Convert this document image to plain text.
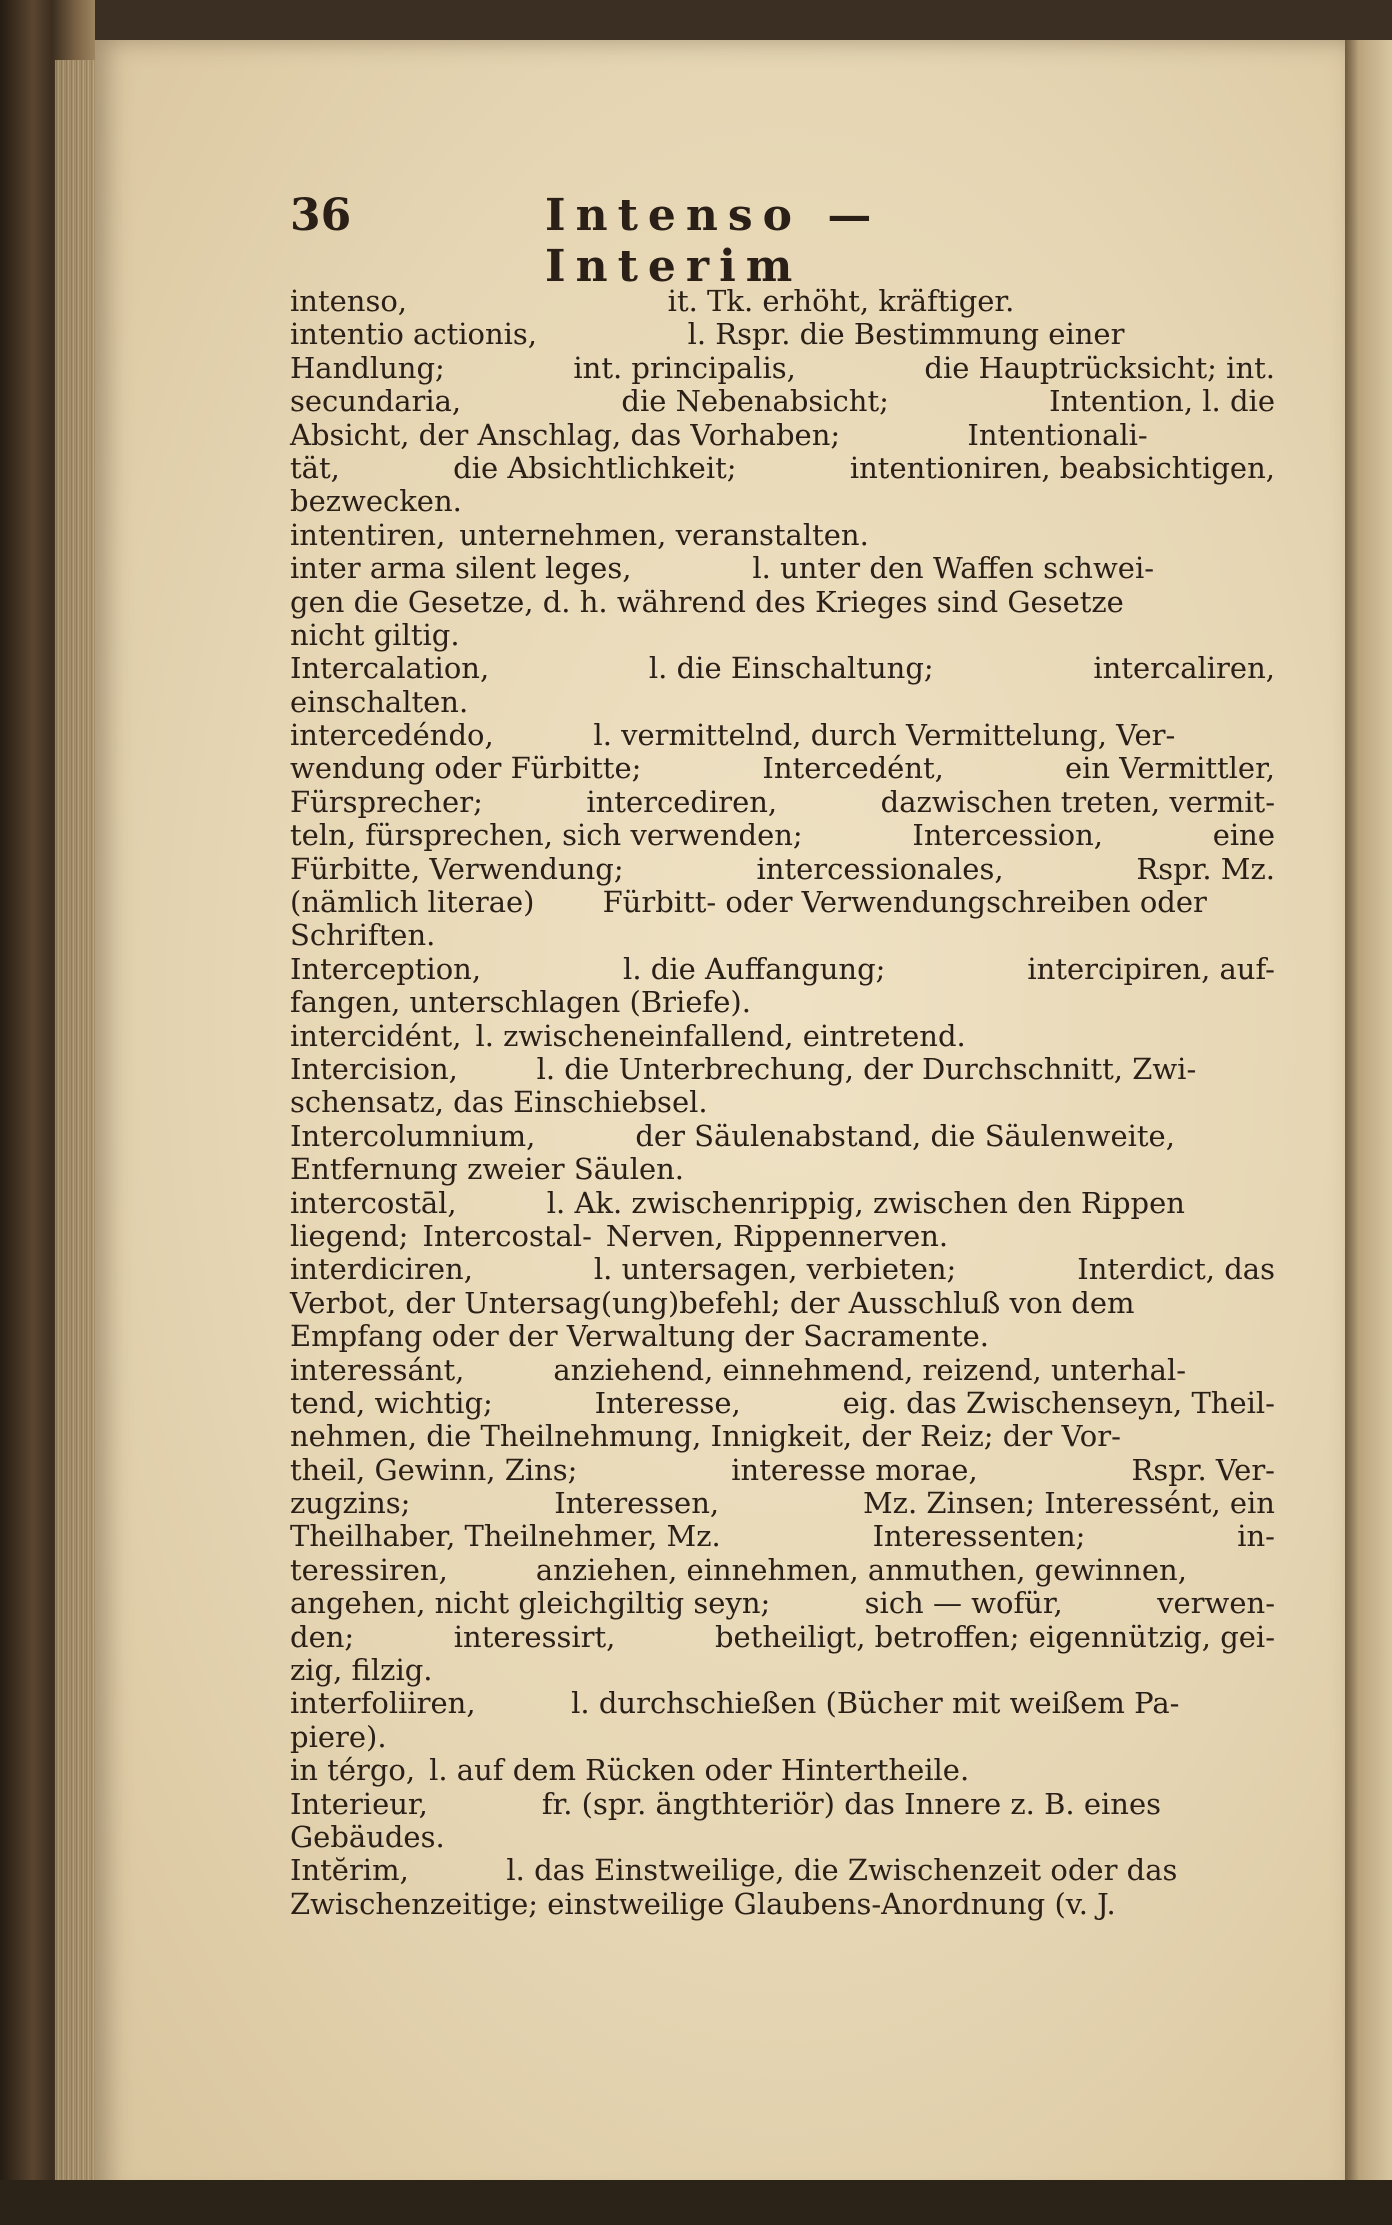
36	Intenso — Interim
intenso,	it. Tk. erhöht, kräftiger.
intentio actionis,	l. Rspr. die Bestimmung einer
Handlung;	int. principalis,	die Hauptrücksicht; int.
secundaria,	die Nebenabsicht;	Intention, l. die
Absicht, der Anschlag, das Vorhaben;	Intentionali-
tät,	die Absichtlichkeit;	intentioniren, beabsichtigen,
bezwecken.
intentiren, unternehmen, veranstalten.
inter arma silent leges,	l. unter den Waffen schwei-
gen die Gesetze, d. h. während des Krieges sind Gesetze
nicht giltig.
Intercalation,	l. die Einschaltung;	intercaliren,
einschalten.
intercedéndo,	l. vermittelnd, durch Vermittelung, Ver-
wendung oder Fürbitte;	Intercedént,	ein Vermittler,
Fürsprecher;	intercediren,	dazwischen treten, vermit-
teln, fürsprechen, sich verwenden;	Intercession,	eine
Fürbitte, Verwendung;	intercessionales,	Rspr. Mz.
(nämlich literae) Fürbitt- oder Verwendungschreiben oder
Schriften.
Interception,	l. die Auffangung;	intercipiren, auf-
fangen, unterschlagen (Briefe).
intercidént, l. zwischeneinfallend, eintretend.
Intercision,	l. die Unterbrechung, der Durchschnitt, Zwi-
schensatz, das Einschiebsel.
Intercolumnium,	der Säulenabstand, die Säulenweite,
Entfernung zweier Säulen.
intercostāl,	l. Ak. zwischenrippig, zwischen den Rippen
liegend; Intercostal- Nerven, Rippennerven.
interdiciren,	l. untersagen, verbieten;	Interdict, das
Verbot, der Untersag(ung)befehl; der Ausschluß von dem
Empfang oder der Verwaltung der Sacramente.
interessánt,	anziehend, einnehmend, reizend, unterhal-
tend, wichtig;	Interesse,	eig. das Zwischenseyn, Theil-
nehmen, die Theilnehmung, Innigkeit, der Reiz; der Vor-
theil, Gewinn, Zins;	interesse morae,	Rspr. Ver-
zugzins;	Interessen,	Mz. Zinsen; Interessént, ein
Theilhaber, Theilnehmer, Mz.	Interessenten;	in-
teressiren,	anziehen, einnehmen, anmuthen, gewinnen,
angehen, nicht gleichgiltig seyn;	sich — wofür,	verwen-
den;	interessirt,	betheiligt, betroffen; eigennützig, gei-
zig, filzig.
interfoliiren,	l. durchschießen (Bücher mit weißem Pa-
piere).
in térgo, l. auf dem Rücken oder Hintertheile.
Interieur,	fr. (spr. ängthteriör) das Innere z. B. eines
Gebäudes.
Intĕrim,	l. das Einstweilige, die Zwischenzeit oder das
Zwischenzeitige; einstweilige Glaubens-Anordnung (v. J.
